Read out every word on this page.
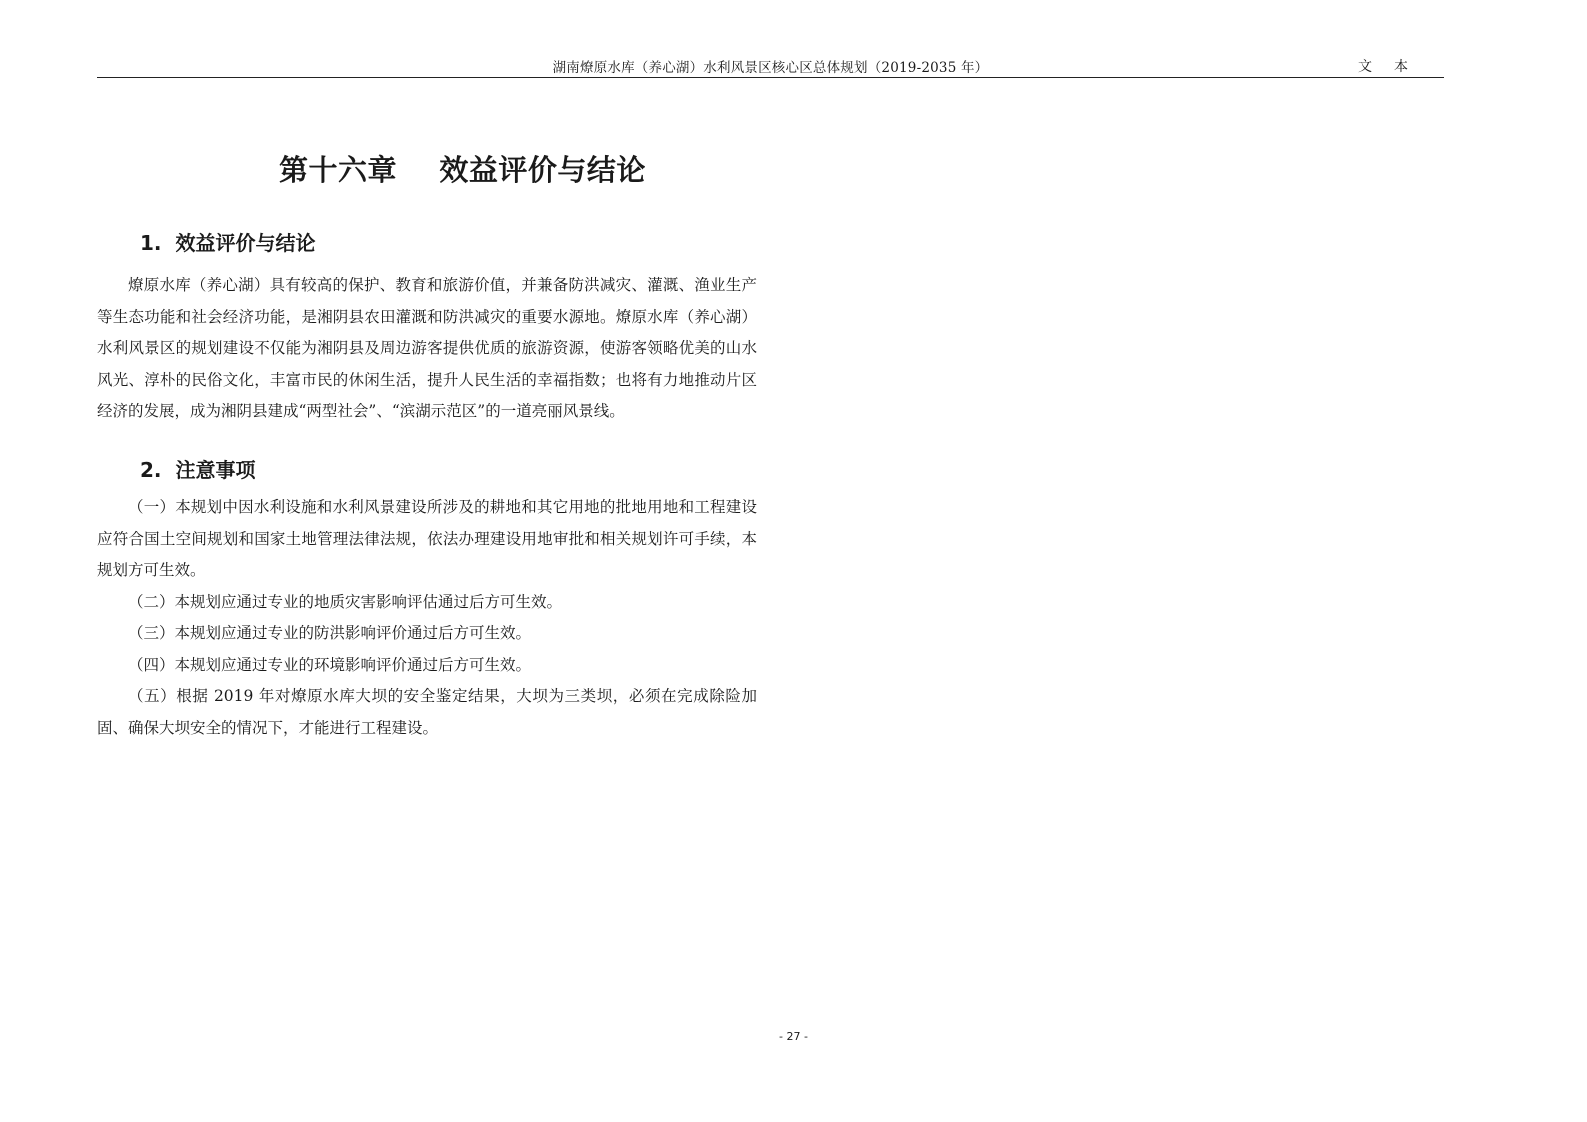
湖南燎原水库（养心湖）水利风景区核心区总体规划（2019-2035 年）	文本
第十六章    效益评价与结论
1.  效益评价与结论

燎原水库（养心湖）具有较高的保护、教育和旅游价值，并兼备防洪减灾、灌溉、渔业生产等生态功能和社会经济功能，是湘阴县农田灌溉和防洪减灾的重要水源地。燎原水库（养心湖）水利风景区的规划建设不仅能为湘阴县及周边游客提供优质的旅游资源，使游客领略优美的山水风光、淳朴的民俗文化，丰富市民的休闲生活，提升人民生活的幸福指数；也将有力地推动片区经济的发展，成为湘阴县建成“两型社会”、“滨湖示范区”的一道亮丽风景线。

2.  注意事项

（一）本规划中因水利设施和水利风景建设所涉及的耕地和其它用地的批地用地和工程建设应符合国土空间规划和国家土地管理法律法规，依法办理建设用地审批和相关规划许可手续，本规划方可生效。

（二）本规划应通过专业的地质灾害影响评估通过后方可生效。

（三）本规划应通过专业的防洪影响评价通过后方可生效。

（四）本规划应通过专业的环境影响评价通过后方可生效。

（五）根据 2019 年对燎原水库大坝的安全鉴定结果，大坝为三类坝，必须在完成除险加固、确保大坝安全的情况下，才能进行工程建设。

- 27 -
